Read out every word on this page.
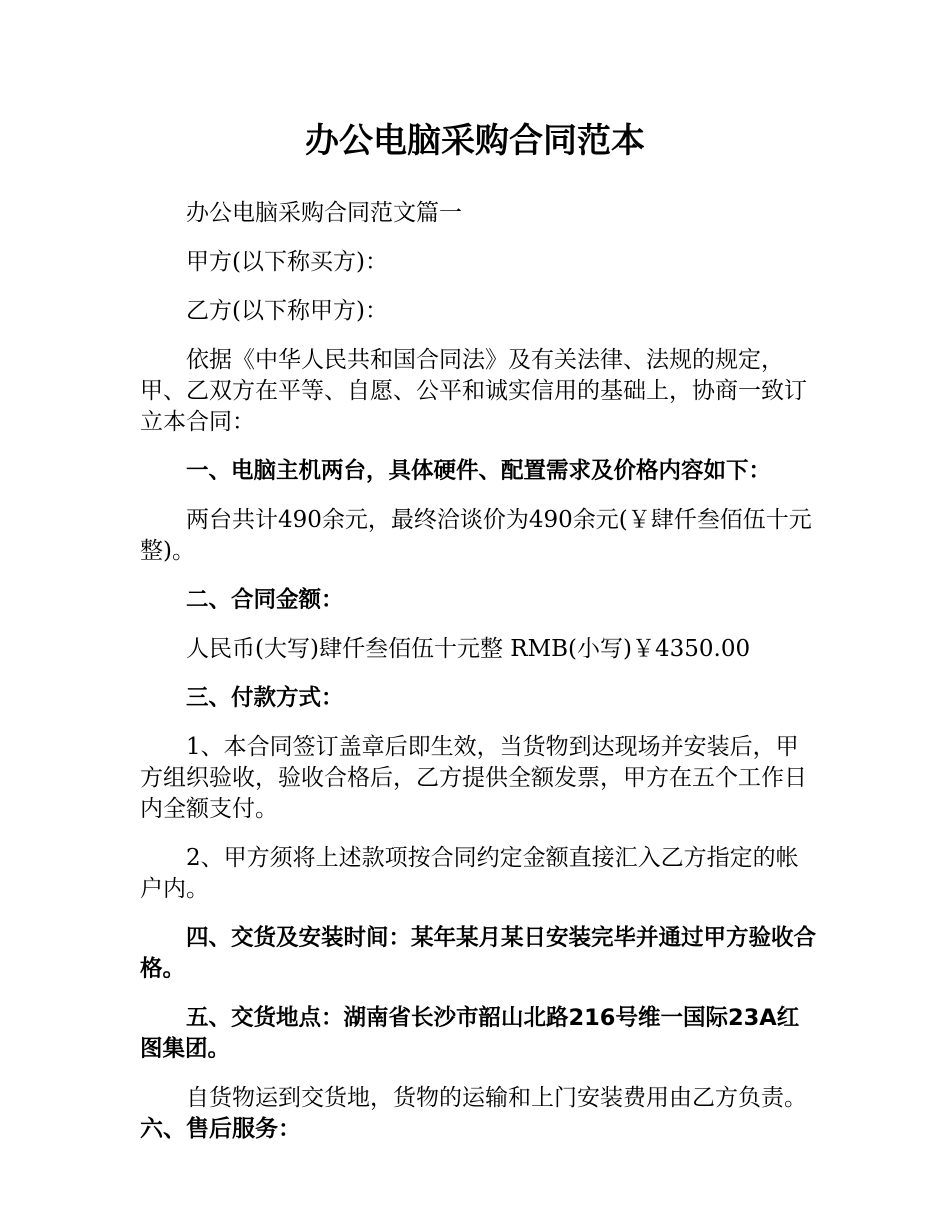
办公电脑采购合同范本

办公电脑采购合同范文篇一

甲方(以下称买方)：

乙方(以下称甲方)：

依据《中华人民共和国合同法》及有关法律、法规的规定，甲、乙双方在平等、自愿、公平和诚实信用的基础上，协商一致订立本合同：

一、电脑主机两台，具体硬件、配置需求及价格内容如下：

两台共计490余元，最终洽谈价为490余元(￥肆仟叁佰伍十元整)。

二、合同金额：

人民币(大写)肆仟叁佰伍十元整 RMB(小写)￥4350.00

三、付款方式：

1、本合同签订盖章后即生效，当货物到达现场并安装后，甲方组织验收，验收合格后，乙方提供全额发票，甲方在五个工作日内全额支付。

2、甲方须将上述款项按合同约定金额直接汇入乙方指定的帐户内。

四、交货及安装时间：某年某月某日安装完毕并通过甲方验收合格。

五、交货地点：湖南省长沙市韶山北路216号维一国际23A红图集团。

自货物运到交货地，货物的运输和上门安装费用由乙方负责。六、售后服务：
